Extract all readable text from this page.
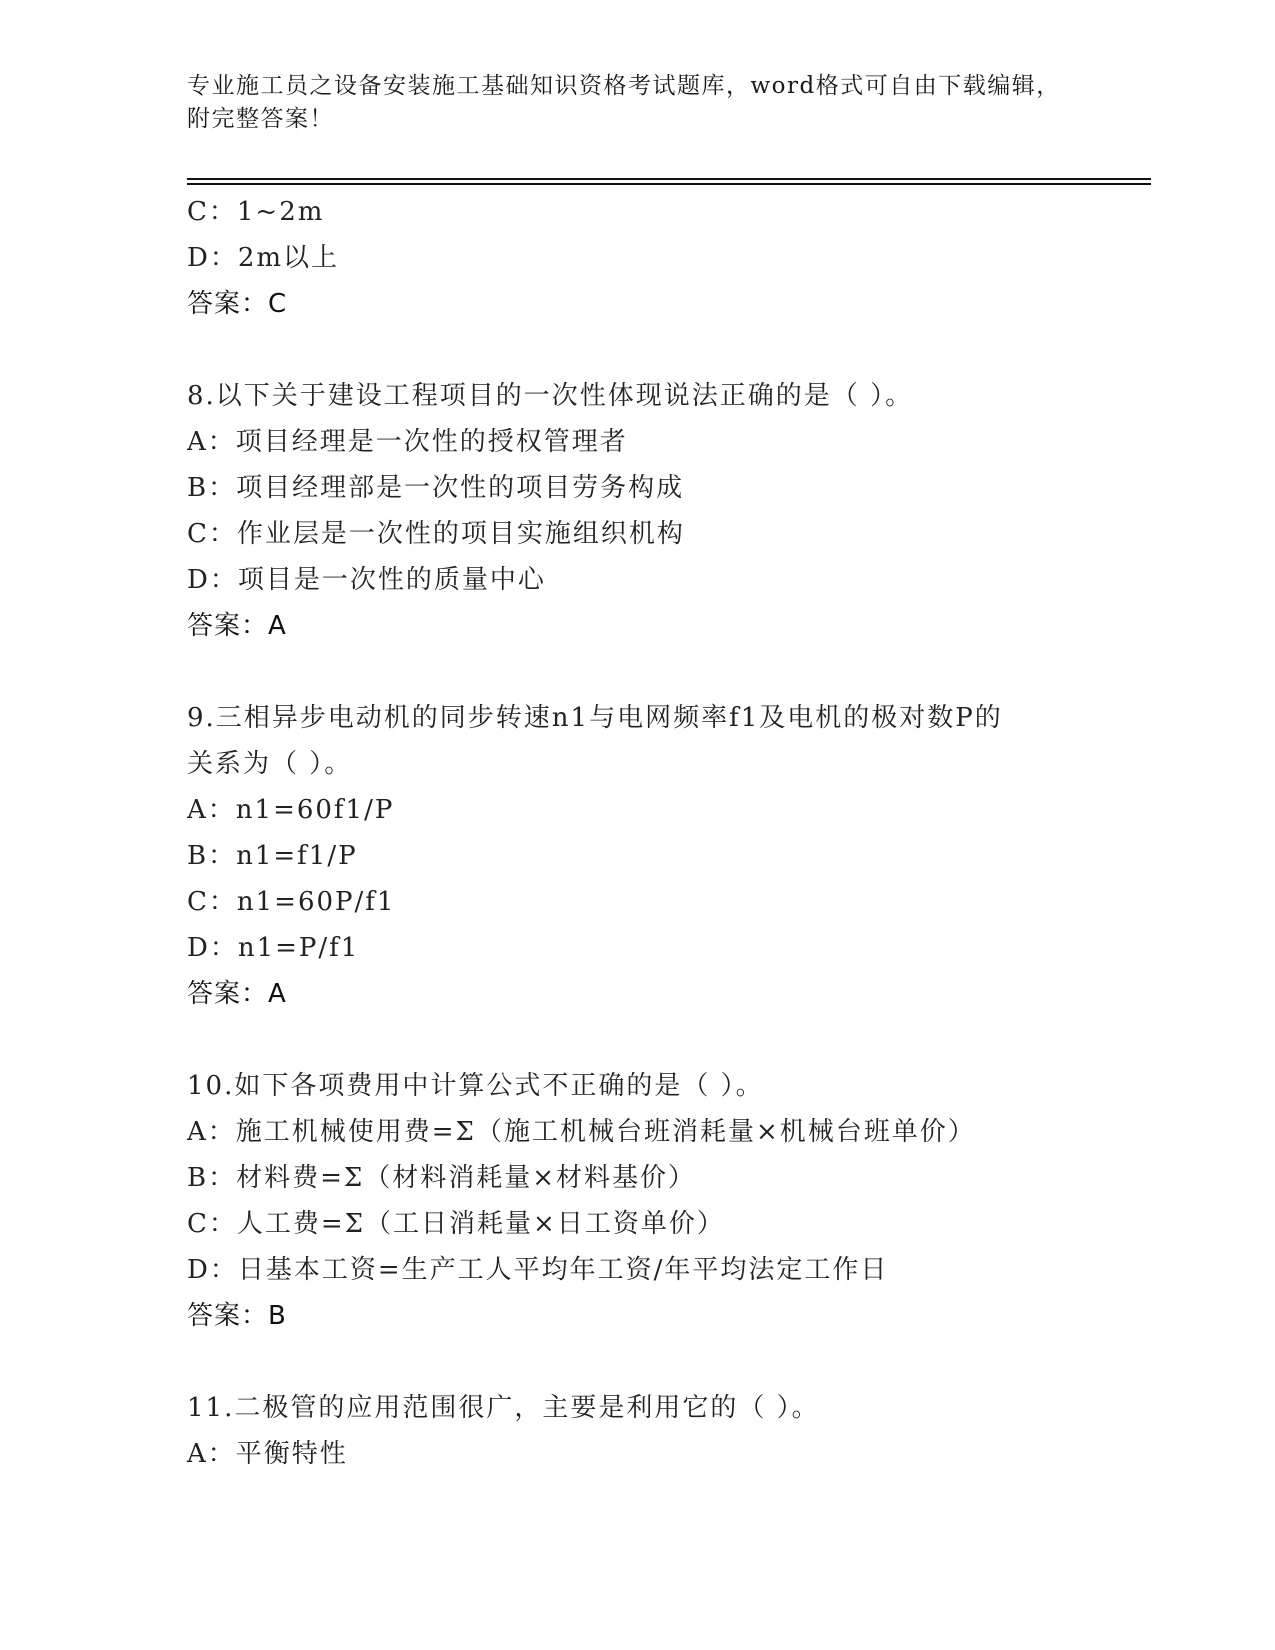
专业施工员之设备安装施工基础知识资格考试题库，word格式可自由下载编辑，
附完整答案！
C：1~2m
D：2m以上
答案：C
8.以下关于建设工程项目的一次性体现说法正确的是（ ）。
A：项目经理是一次性的授权管理者
B：项目经理部是一次性的项目劳务构成
C：作业层是一次性的项目实施组织机构
D：项目是一次性的质量中心
答案：A
9.三相异步电动机的同步转速n1与电网频率f1及电机的极对数P的
关系为（ ）。
A：n1=60f1/P
B：n1=f1/P
C：n1=60P/f1
D：n1=P/f1
答案：A
10.如下各项费用中计算公式不正确的是（ ）。
A：施工机械使用费=Σ（施工机械台班消耗量×机械台班单价）
B：材料费=Σ（材料消耗量×材料基价）
C：人工费=Σ（工日消耗量×日工资单价）
D：日基本工资=生产工人平均年工资/年平均法定工作日
答案：B
11.二极管的应用范围很广，主要是利用它的（ ）。
A：平衡特性
